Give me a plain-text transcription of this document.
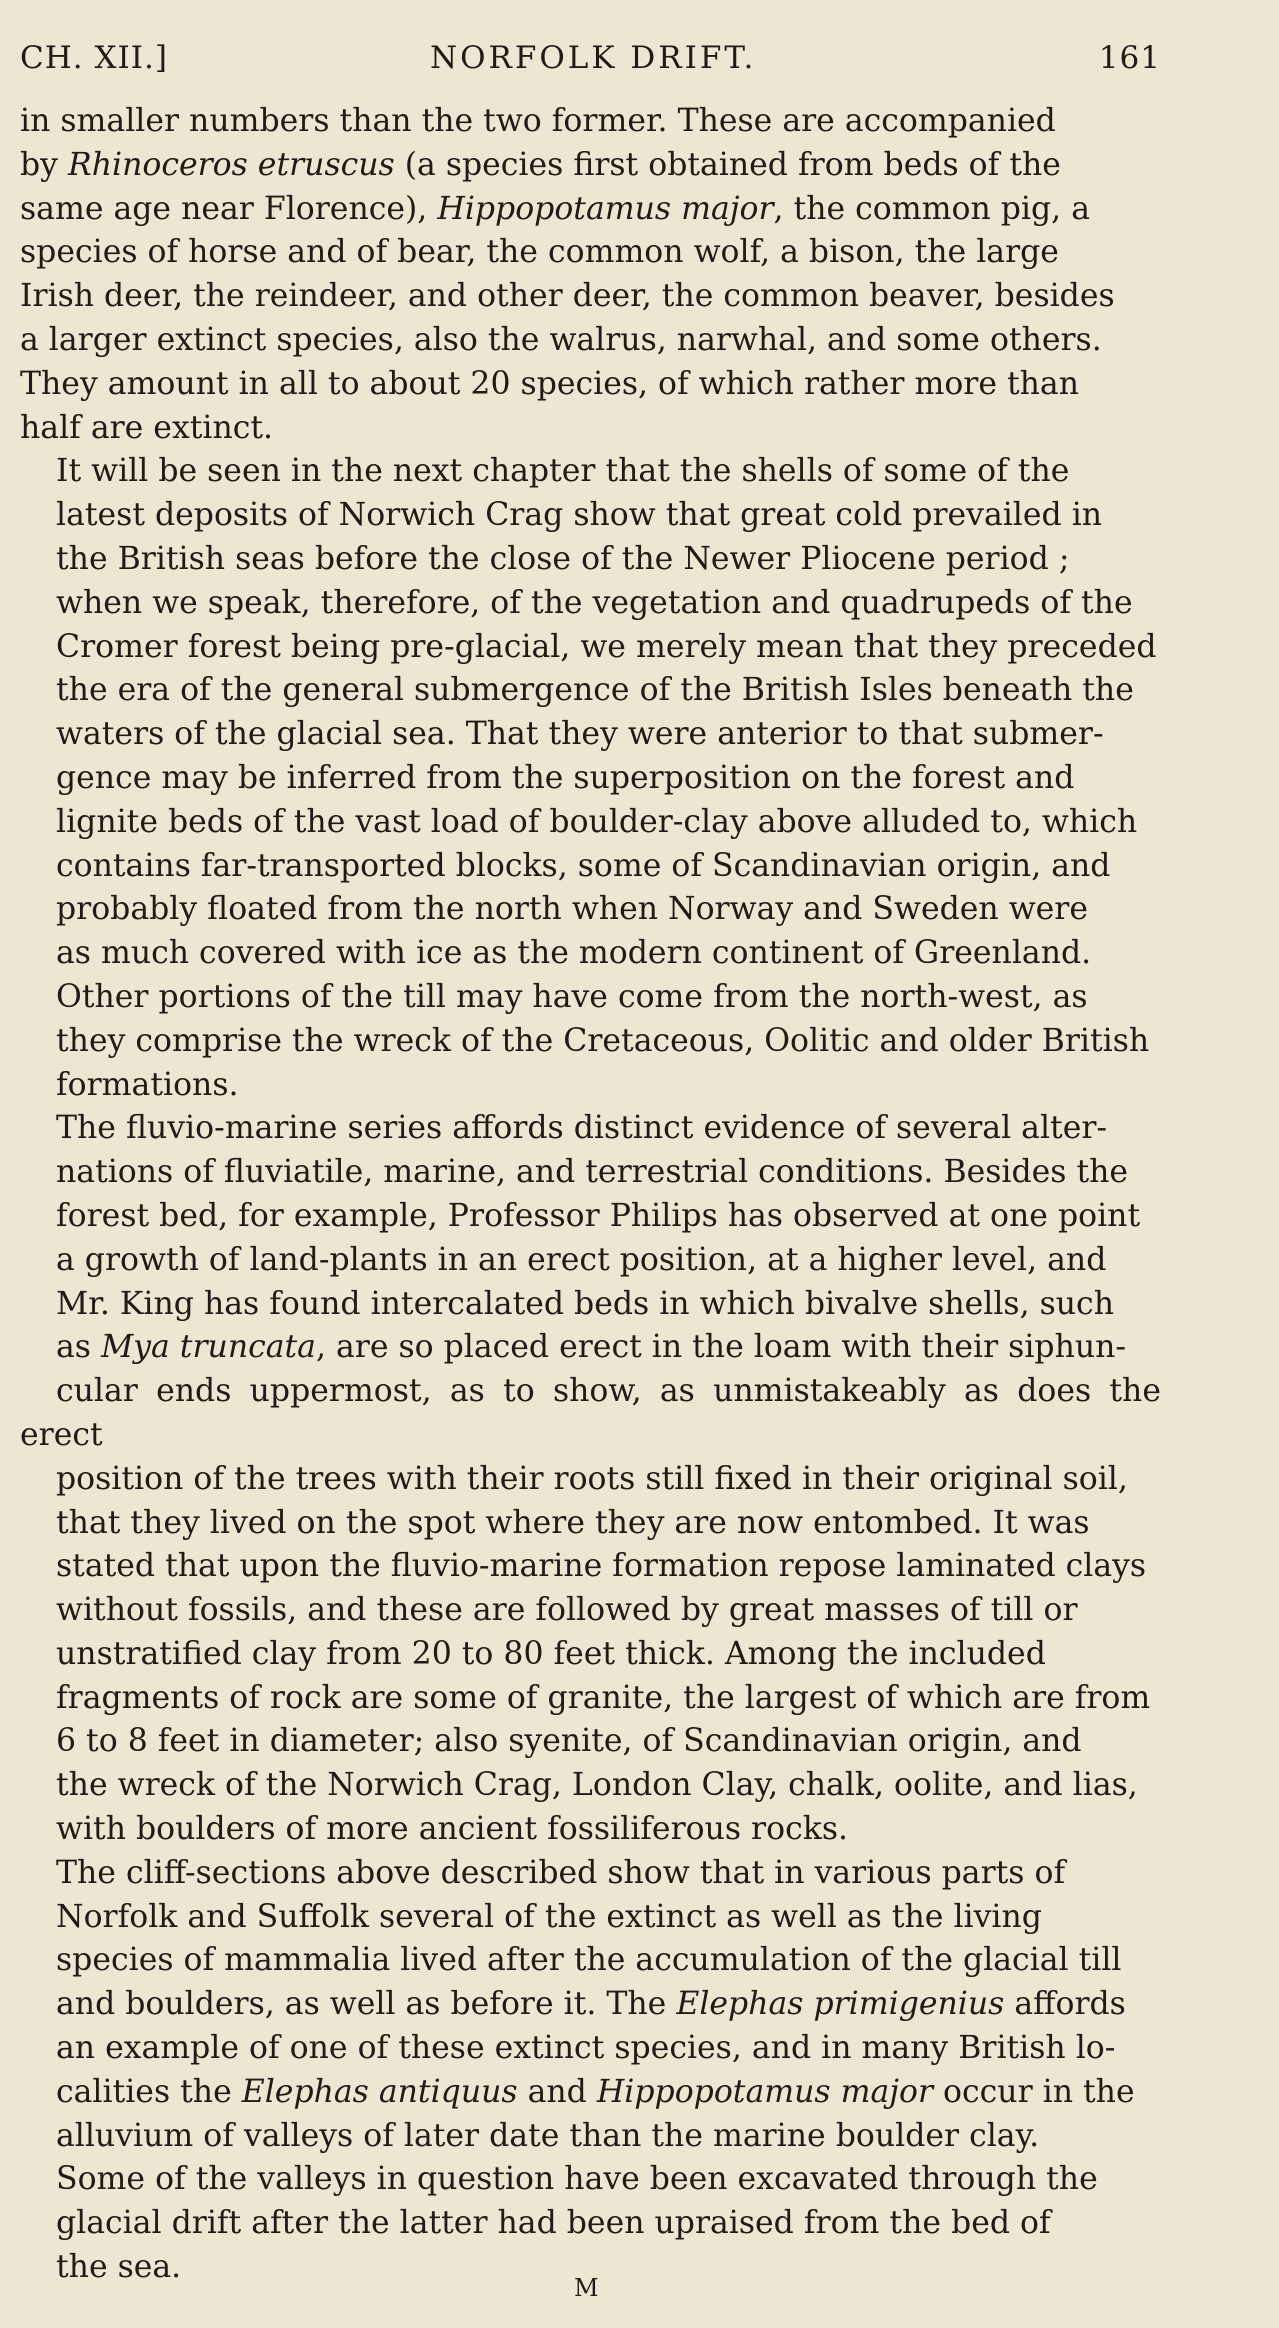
CH. XII.]	NORFOLK DRIFT.	161

in smaller numbers than the two former. These are accompanied
by Rhinoceros etruscus (a species first obtained from beds of the
same age near Florence), Hippopotamus major, the common pig, a
species of horse and of bear, the common wolf, a bison, the large
Irish deer, the reindeer, and other deer, the common beaver, besides
a larger extinct species, also the walrus, narwhal, and some others.
They amount in all to about 20 species, of which rather more than
half are extinct.

It will be seen in the next chapter that the shells of some of the
latest deposits of Norwich Crag show that great cold prevailed in
the British seas before the close of the Newer Pliocene period ;
when we speak, therefore, of the vegetation and quadrupeds of the
Cromer forest being pre-glacial, we merely mean that they preceded
the era of the general submergence of the British Isles beneath the
waters of the glacial sea. That they were anterior to that submer-
gence may be inferred from the superposition on the forest and
lignite beds of the vast load of boulder-clay above alluded to, which
contains far-transported blocks, some of Scandinavian origin, and
probably floated from the north when Norway and Sweden were
as much covered with ice as the modern continent of Greenland.
Other portions of the till may have come from the north-west, as
they comprise the wreck of the Cretaceous, Oolitic and older British
formations.

The fluvio-marine series affords distinct evidence of several alter-
nations of fluviatile, marine, and terrestrial conditions. Besides the
forest bed, for example, Professor Philips has observed at one point
a growth of land-plants in an erect position, at a higher level, and
Mr. King has found intercalated beds in which bivalve shells, such
as Mya truncata, are so placed erect in the loam with their siphun-
cular ends uppermost, as to show, as unmistakeably as does the erect
position of the trees with their roots still fixed in their original soil,
that they lived on the spot where they are now entombed. It was
stated that upon the fluvio-marine formation repose laminated clays
without fossils, and these are followed by great masses of till or
unstratified clay from 20 to 80 feet thick. Among the included
fragments of rock are some of granite, the largest of which are from
6 to 8 feet in diameter; also syenite, of Scandinavian origin, and
the wreck of the Norwich Crag, London Clay, chalk, oolite, and lias,
with boulders of more ancient fossiliferous rocks.

The cliff-sections above described show that in various parts of
Norfolk and Suffolk several of the extinct as well as the living
species of mammalia lived after the accumulation of the glacial till
and boulders, as well as before it. The Elephas primigenius affords
an example of one of these extinct species, and in many British lo-
calities the Elephas antiquus and Hippopotamus major occur in the
alluvium of valleys of later date than the marine boulder clay.
Some of the valleys in question have been excavated through the
glacial drift after the latter had been upraised from the bed of
the sea.

M
